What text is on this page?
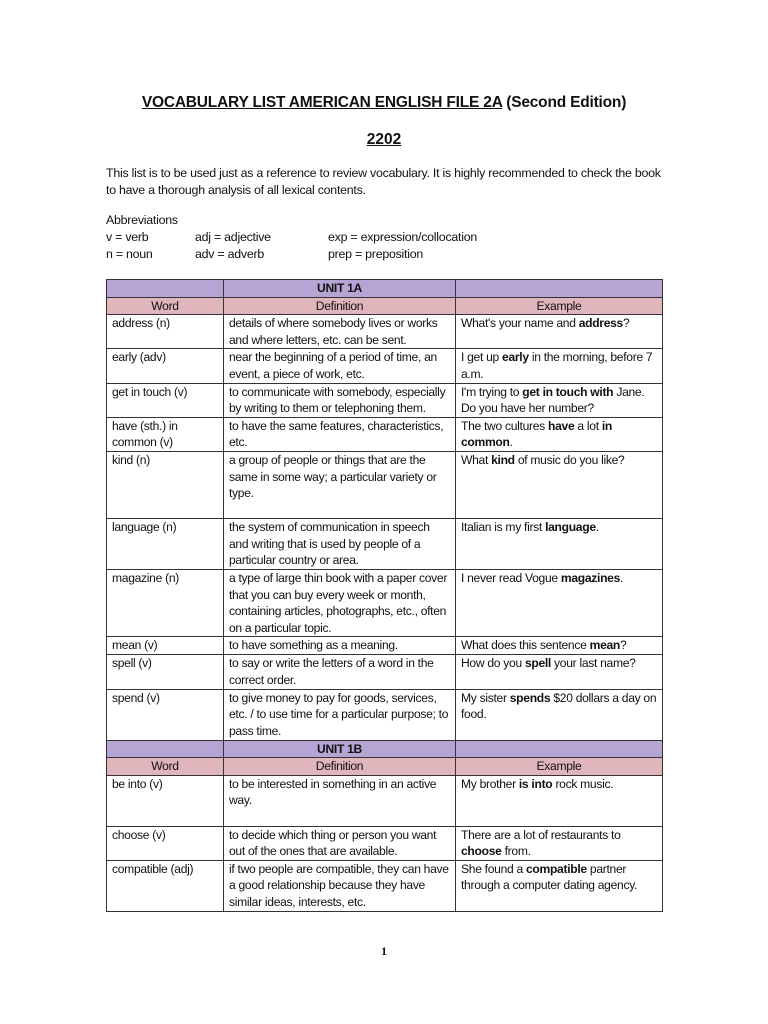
VOCABULARY LIST AMERICAN ENGLISH FILE 2A (Second Edition)
2202
This list is to be used just as a reference to review vocabulary. It is highly recommended to check the book to have a thorough analysis of all lexical contents.
Abbreviations
v = verb	adj = adjective	exp = expression/collocation
n = noun	adv = adverb	prep = preposition
	UNIT 1A	
Word	Definition	Example
address (n)	details of where somebody lives or works and where letters, etc. can be sent.	What's your name and address?
early (adv)	near the beginning of a period of time, an event, a piece of work, etc.	I get up early in the morning, before 7 a.m.
get in touch (v)	to communicate with somebody, especially by writing to them or telephoning them.	I'm trying to get in touch with Jane. Do you have her number?
have (sth.) in common (v)	to have the same features, characteristics, etc.	The two cultures have a lot in common.
kind (n)	a group of people or things that are the same in some way; a particular variety or type.	What kind of music do you like?
language (n)	the system of communication in speech and writing that is used by people of a particular country or area.	Italian is my first language.
magazine (n)	a type of large thin book with a paper cover that you can buy every week or month, containing articles, photographs, etc., often on a particular topic.	I never read Vogue magazines.
mean (v)	to have something as a meaning.	What does this sentence mean?
spell (v)	to say or write the letters of a word in the correct order.	How do you spell your last name?
spend (v)	to give money to pay for goods, services, etc. / to use time for a particular purpose; to pass time.	My sister spends $20 dollars a day on food.
	UNIT 1B	
Word	Definition	Example
be into (v)	to be interested in something in an active way.	My brother is into rock music.
choose (v)	to decide which thing or person you want out of the ones that are available.	There are a lot of restaurants to choose from.
compatible (adj)	if two people are compatible, they can have a good relationship because they have similar ideas, interests, etc.	She found a compatible partner through a computer dating agency.
1
